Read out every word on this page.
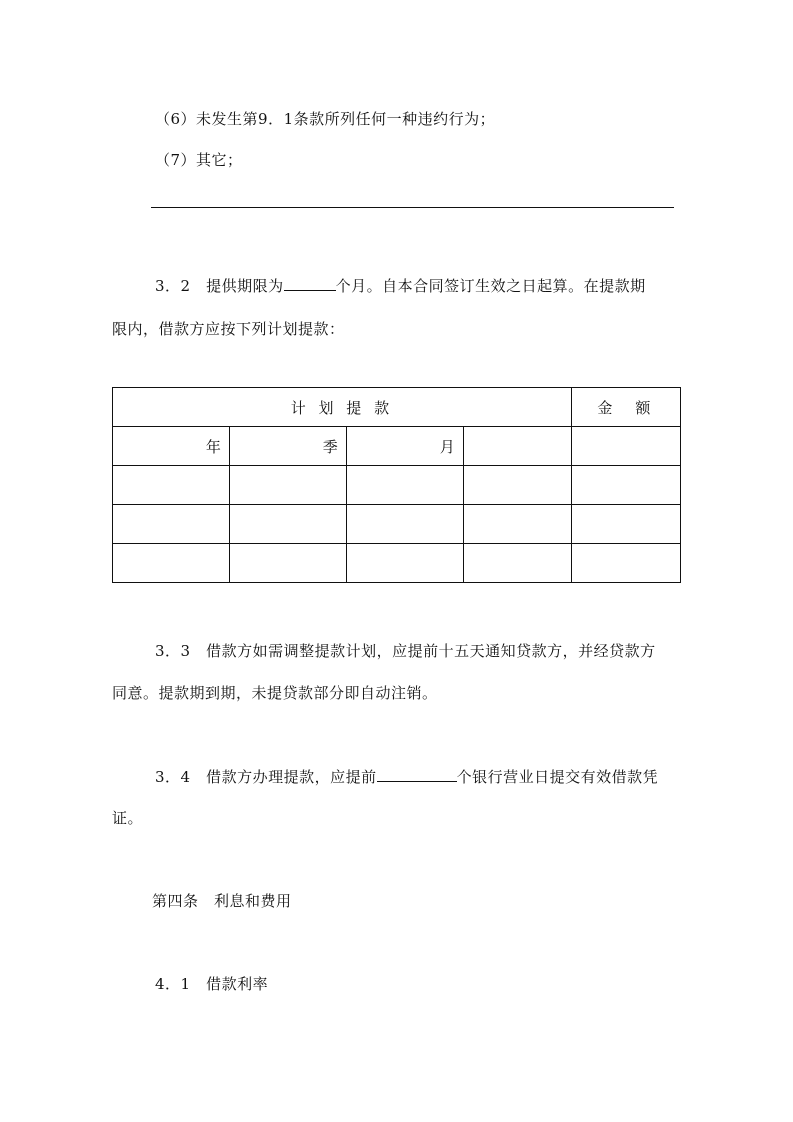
（6）未发生第9．1条款所列任何一种违约行为；
（7）其它；
3．2　提供期限为	个月。自本合同签订生效之日起算。在提款期
限内，借款方应按下列计划提款：
计 划 提 款				金　额
年	季	月		

3．3　借款方如需调整提款计划，应提前十五天通知贷款方，并经贷款方
同意。提款期到期，未提贷款部分即自动注销。
3．4　借款方办理提款，应提前	个银行营业日提交有效借款凭
证。
第四条　利息和费用
4．1　借款利率
